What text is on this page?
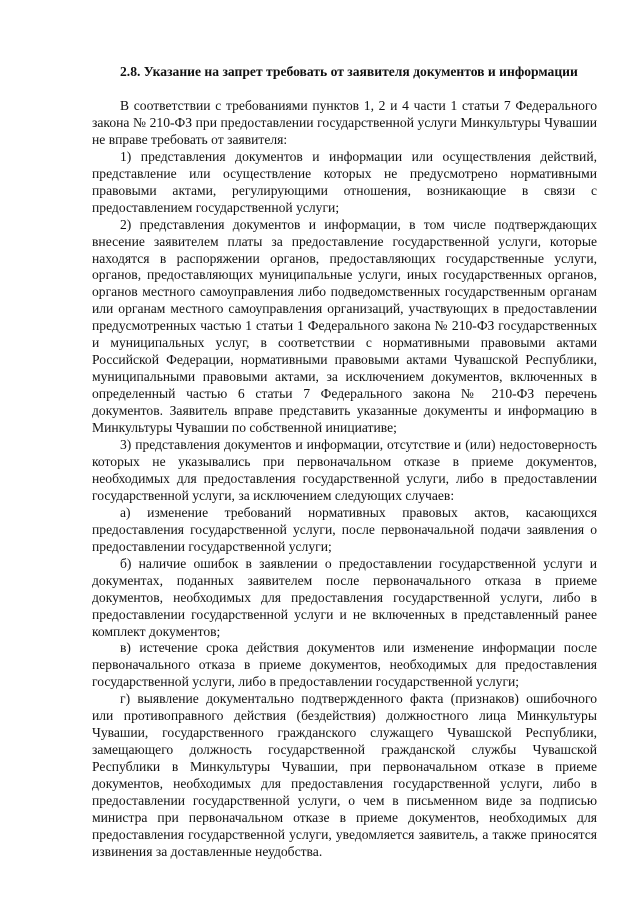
2.8. Указание на запрет требовать от заявителя документов и информации

В соответствии с требованиями пунктов 1, 2 и 4 части 1 статьи 7 Федерального закона № 210-ФЗ при предоставлении государственной услуги Минкультуры Чувашии не вправе требовать от заявителя:

1) представления документов и информации или осуществления действий, представление или осуществление которых не предусмотрено нормативными правовыми актами, регулирующими отношения, возникающие в связи с предоставлением государственной услуги;

2) представления документов и информации, в том числе подтверждающих внесение заявителем платы за предоставление государственной услуги, которые находятся в распоряжении органов, предоставляющих государственные услуги, органов, предоставляющих муниципальные услуги, иных государственных органов, органов местного самоуправления либо подведомственных государственным органам или органам местного самоуправления организаций, участвующих в предоставлении предусмотренных частью 1 статьи 1 Федерального закона № 210-ФЗ государственных и муниципальных услуг, в соответствии с нормативными правовыми актами Российской Федерации, нормативными правовыми актами Чувашской Республики, муниципальными правовыми актами, за исключением документов, включенных в определенный частью 6 статьи 7 Федерального закона № 210-ФЗ перечень документов. Заявитель вправе представить указанные документы и информацию в Минкультуры Чувашии по собственной инициативе;

3) представления документов и информации, отсутствие и (или) недостоверность которых не указывались при первоначальном отказе в приеме документов, необходимых для предоставления государственной услуги, либо в предоставлении государственной услуги, за исключением следующих случаев:

а) изменение требований нормативных правовых актов, касающихся предоставления государственной услуги, после первоначальной подачи заявления о предоставлении государственной услуги;

б) наличие ошибок в заявлении о предоставлении государственной услуги и документах, поданных заявителем после первоначального отказа в приеме документов, необходимых для предоставления государственной услуги, либо в предоставлении государственной услуги и не включенных в представленный ранее комплект документов;

в) истечение срока действия документов или изменение информации после первоначального отказа в приеме документов, необходимых для предоставления государственной услуги, либо в предоставлении государственной услуги;

г) выявление документально подтвержденного факта (признаков) ошибочного или противоправного действия (бездействия) должностного лица Минкультуры Чувашии, государственного гражданского служащего Чувашской Республики, замещающего должность государственной гражданской службы Чувашской Республики в Минкультуры Чувашии, при первоначальном отказе в приеме документов, необходимых для предоставления государственной услуги, либо в предоставлении государственной услуги, о чем в письменном виде за подписью министра при первоначальном отказе в приеме документов, необходимых для предоставления государственной услуги, уведомляется заявитель, а также приносятся извинения за доставленные неудобства.
